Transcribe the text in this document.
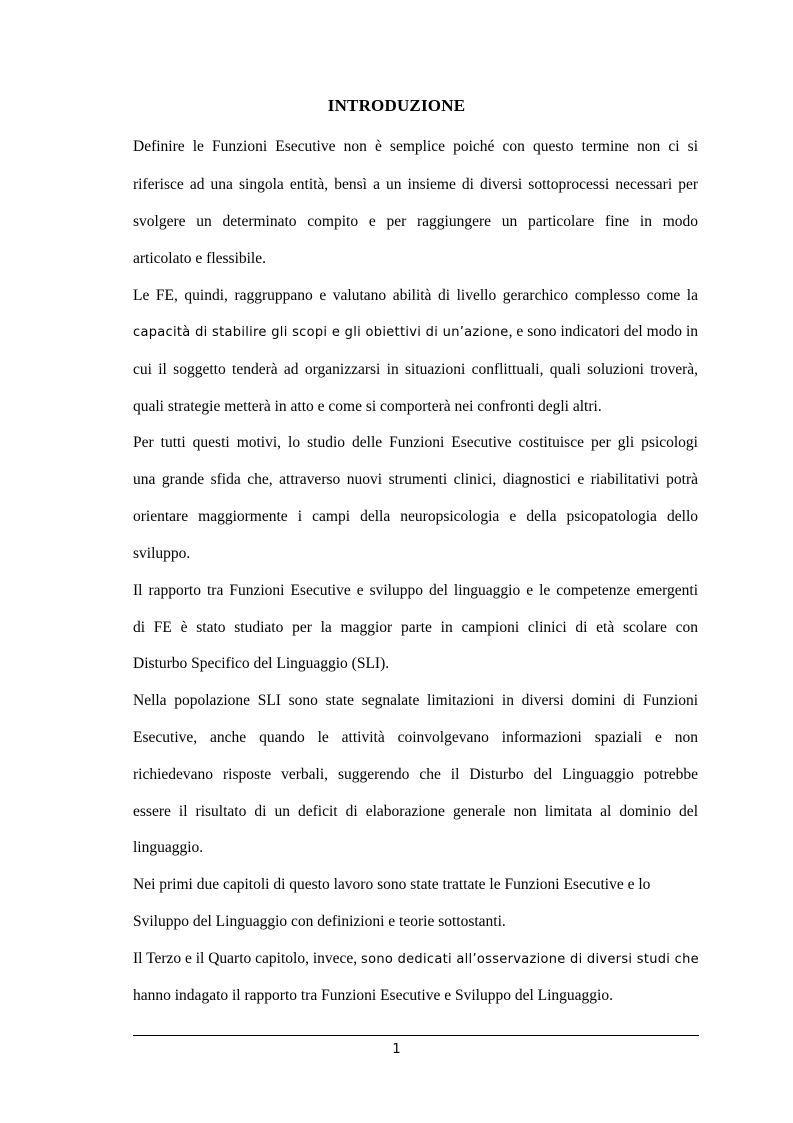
INTRODUZIONE

Definire le Funzioni Esecutive non è semplice poiché con questo termine non ci si

riferisce ad una singola entità, bensì a un insieme di diversi sottoprocessi necessari per

svolgere un determinato compito e per raggiungere un particolare fine in modo

articolato e flessibile.

Le FE, quindi, raggruppano e valutano abilità di livello gerarchico complesso come la

capacità di stabilire gli scopi e gli obiettivi di un’azione, e sono indicatori del modo in

cui il soggetto tenderà ad organizzarsi in situazioni conflittuali, quali soluzioni troverà,

quali strategie metterà in atto e come si comporterà nei confronti degli altri.

Per tutti questi motivi, lo studio delle Funzioni Esecutive costituisce per gli psicologi

una grande sfida che, attraverso nuovi strumenti clinici, diagnostici e riabilitativi potrà

orientare maggiormente i campi della neuropsicologia e della psicopatologia dello

sviluppo.

Il rapporto tra Funzioni Esecutive e sviluppo del linguaggio e le competenze emergenti

di FE è stato studiato per la maggior parte in campioni clinici di età scolare con

Disturbo Specifico del Linguaggio (SLI).

Nella popolazione SLI sono state segnalate limitazioni in diversi domini di Funzioni

Esecutive, anche quando le attività coinvolgevano informazioni spaziali e non

richiedevano risposte verbali, suggerendo che il Disturbo del Linguaggio potrebbe

essere il risultato di un deficit di elaborazione generale non limitata al dominio del

linguaggio.

Nei primi due capitoli di questo lavoro sono state trattate le Funzioni Esecutive e lo

Sviluppo del Linguaggio con definizioni e teorie sottostanti.

Il Terzo e il Quarto capitolo, invece, sono dedicati all’osservazione di diversi studi che

hanno indagato il rapporto tra Funzioni Esecutive e Sviluppo del Linguaggio.

1
